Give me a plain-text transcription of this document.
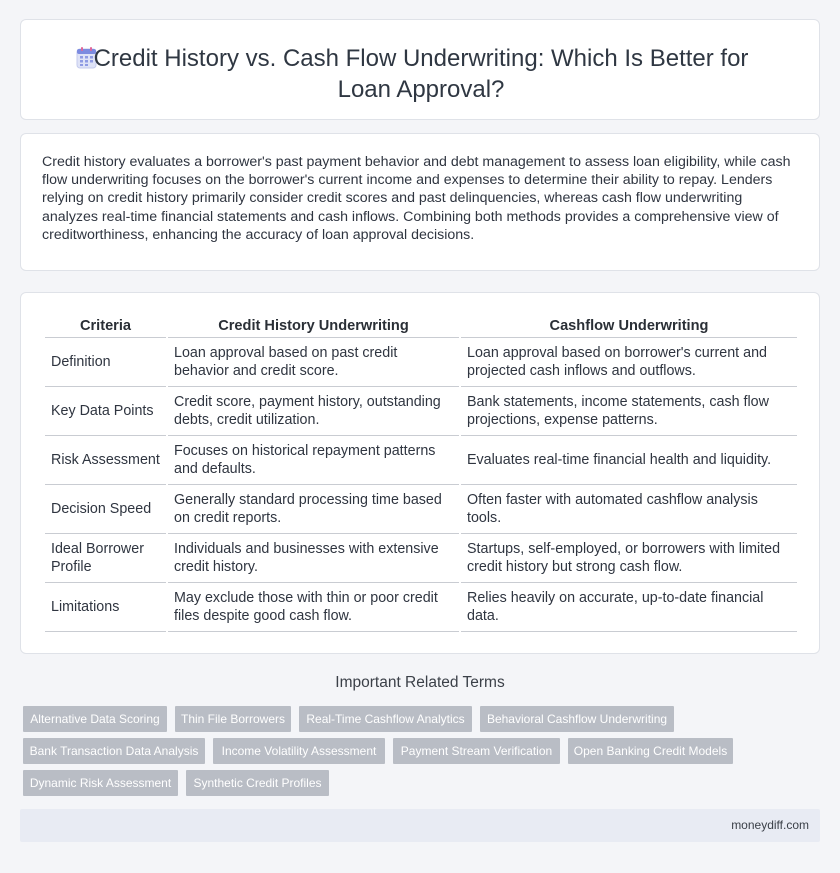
Credit History vs. Cash Flow Underwriting: Which Is Better for Loan Approval?

Credit history evaluates a borrower's past payment behavior and debt management to assess loan eligibility, while cash flow underwriting focuses on the borrower's current income and expenses to determine their ability to repay. Lenders relying on credit history primarily consider credit scores and past delinquencies, whereas cash flow underwriting analyzes real-time financial statements and cash inflows. Combining both methods provides a comprehensive view of creditworthiness, enhancing the accuracy of loan approval decisions.

Criteria	Credit History Underwriting	Cashflow Underwriting
Definition	Loan approval based on past credit behavior and credit score.	Loan approval based on borrower's current and projected cash inflows and outflows.
Key Data Points	Credit score, payment history, outstanding debts, credit utilization.	Bank statements, income statements, cash flow projections, expense patterns.
Risk Assessment	Focuses on historical repayment patterns and defaults.	Evaluates real-time financial health and liquidity.
Decision Speed	Generally standard processing time based on credit reports.	Often faster with automated cashflow analysis tools.
Ideal Borrower Profile	Individuals and businesses with extensive credit history.	Startups, self-employed, or borrowers with limited credit history but strong cash flow.
Limitations	May exclude those with thin or poor credit files despite good cash flow.	Relies heavily on accurate, up-to-date financial data.
Important Related Terms
Alternative Data Scoring	Thin File Borrowers	Real-Time Cashflow Analytics	Behavioral Cashflow Underwriting
Bank Transaction Data Analysis	Income Volatility Assessment	Payment Stream Verification	Open Banking Credit Models
Dynamic Risk Assessment	Synthetic Credit Profiles
moneydiff.com
